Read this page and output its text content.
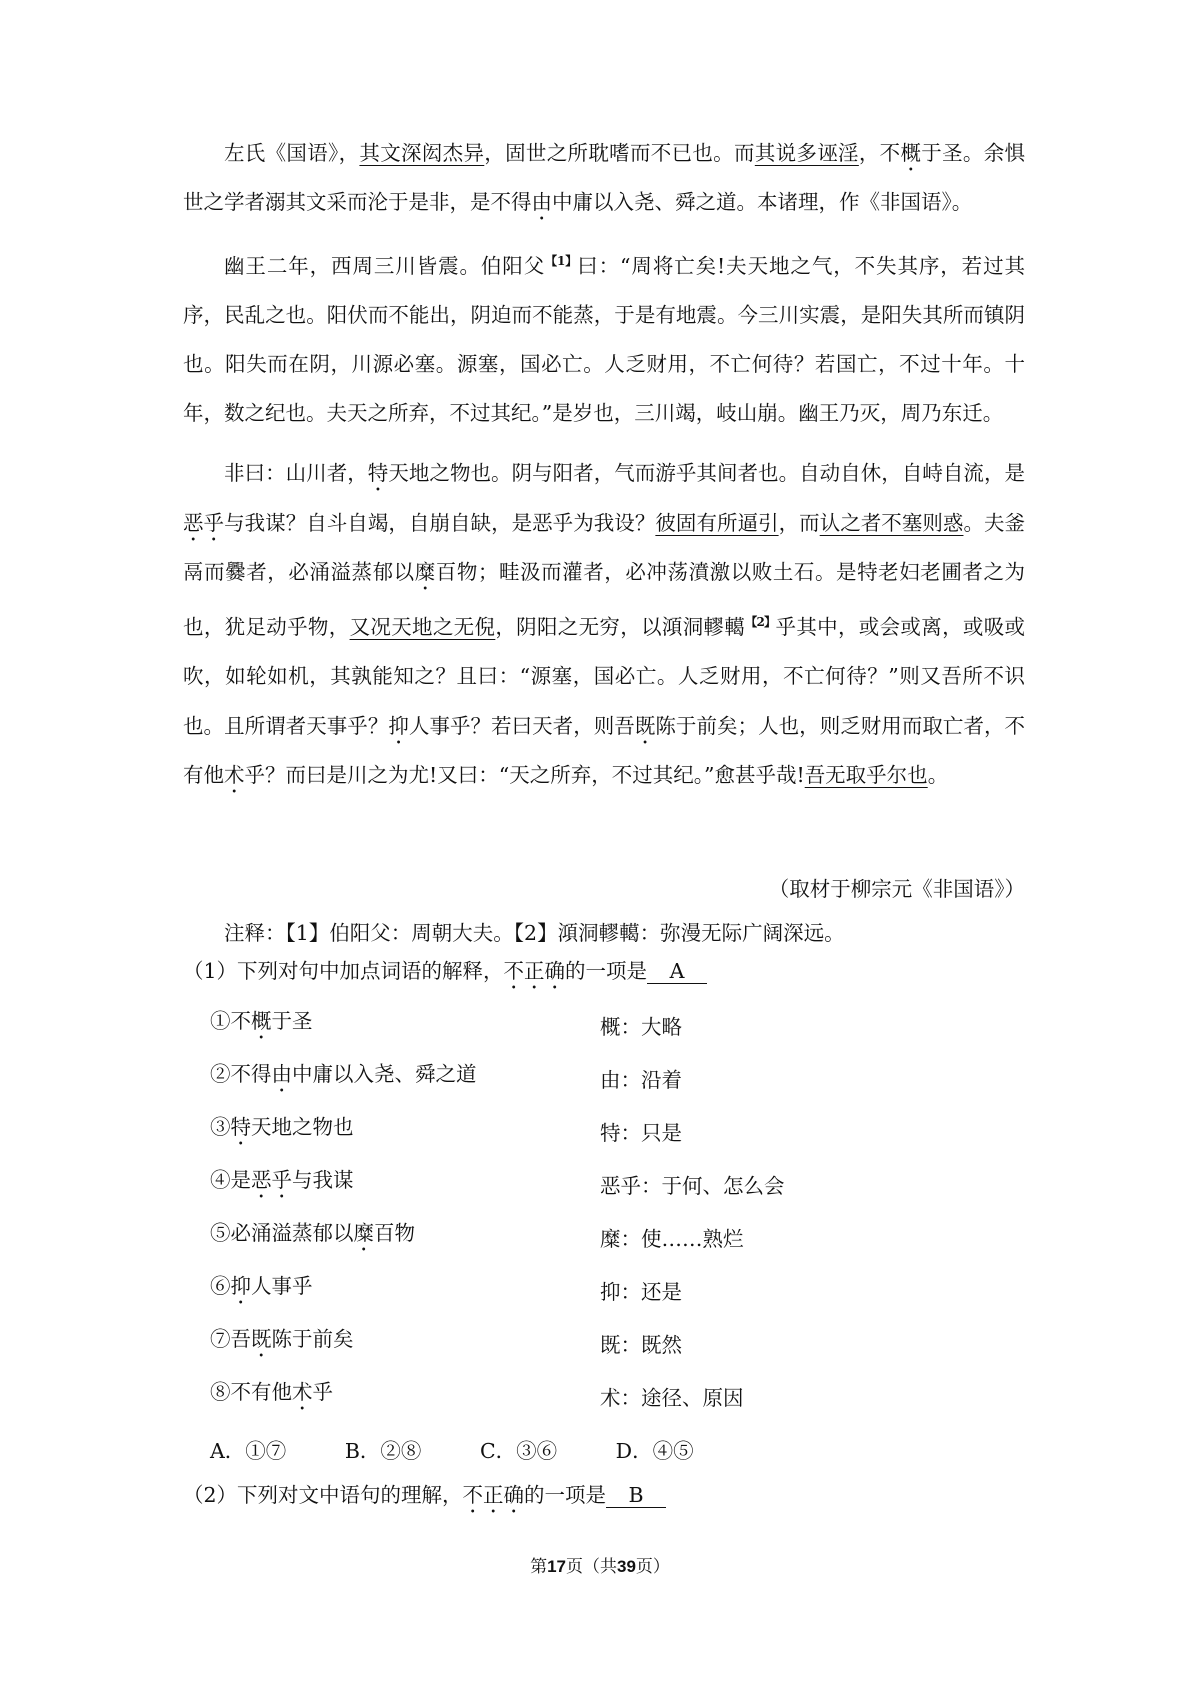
左氏《国语》，其文深闳杰异，固世之所耽嗜而不已也。而其说多诬淫，不概于圣。余惧世之学者溺其文采而沦于是非，是不得由中庸以入尧、舜之道。本诸理，作《非国语》。

幽王二年，西周三川皆震。伯阳父$^{【1】}$曰：“周将亡矣!夫天地之气，不失其序，若过其序，民乱之也。阳伏而不能出，阴迫而不能蒸，于是有地震。今三川实震，是阳失其所而镇阴也。阳失而在阴，川源必塞。源塞，国必亡。人乏财用，不亡何待？若国亡，不过十年。十年，数之纪也。夫天之所弃，不过其纪。”是岁也，三川竭，岐山崩。幽王乃灭，周乃东迁。

非曰：山川者，特天地之物也。阴与阳者，气而游乎其间者也。自动自休，自峙自流，是恶乎与我谋？自斗自竭，自崩自缺，是恶乎为我设？彼固有所逼引，而认之者不塞则惑。夫釜鬲而爨者，必涌溢蒸郁以糜百物；畦汲而灌者，必冲荡濆激以败土石。是特老妇老圃者之为也，犹足动乎物，又况天地之无倪，阴阳之无穷，以澒洞轇轕$^{【2】}$乎其中，或会或离，或吸或吹，如轮如机，其孰能知之？且曰：“源塞，国必亡。人乏财用，不亡何待？”则又吾所不识也。且所谓者天事乎？抑人事乎？若曰天者，则吾既陈于前矣；人也，则乏财用而取亡者，不有他术乎？而曰是川之为尤!又曰：“天之所弃，不过其纪。”愈甚乎哉!吾无取乎尔也。

（取材于柳宗元《非国语》）

注释：【1】伯阳父：周朝大夫。【2】澒洞轇轕：弥漫无际广阔深远。

（1）下列对句中加点词语的解释，不正确的一项是 A

①不概于圣	概：大略
②不得由中庸以入尧、舜之道	由：沿着
③特天地之物也	特：只是
④是恶乎与我谋	恶乎：于何、怎么会
⑤必涌溢蒸郁以糜百物	糜：使……熟烂
⑥抑人事乎	抑：还是
⑦吾既陈于前矣	既：既然
⑧不有他术乎	术：途径、原因
A．①⑦	B．②⑧	C．③⑥	D．④⑤

（2）下列对文中语句的理解，不正确的一项是 B

第17页（共39页）
